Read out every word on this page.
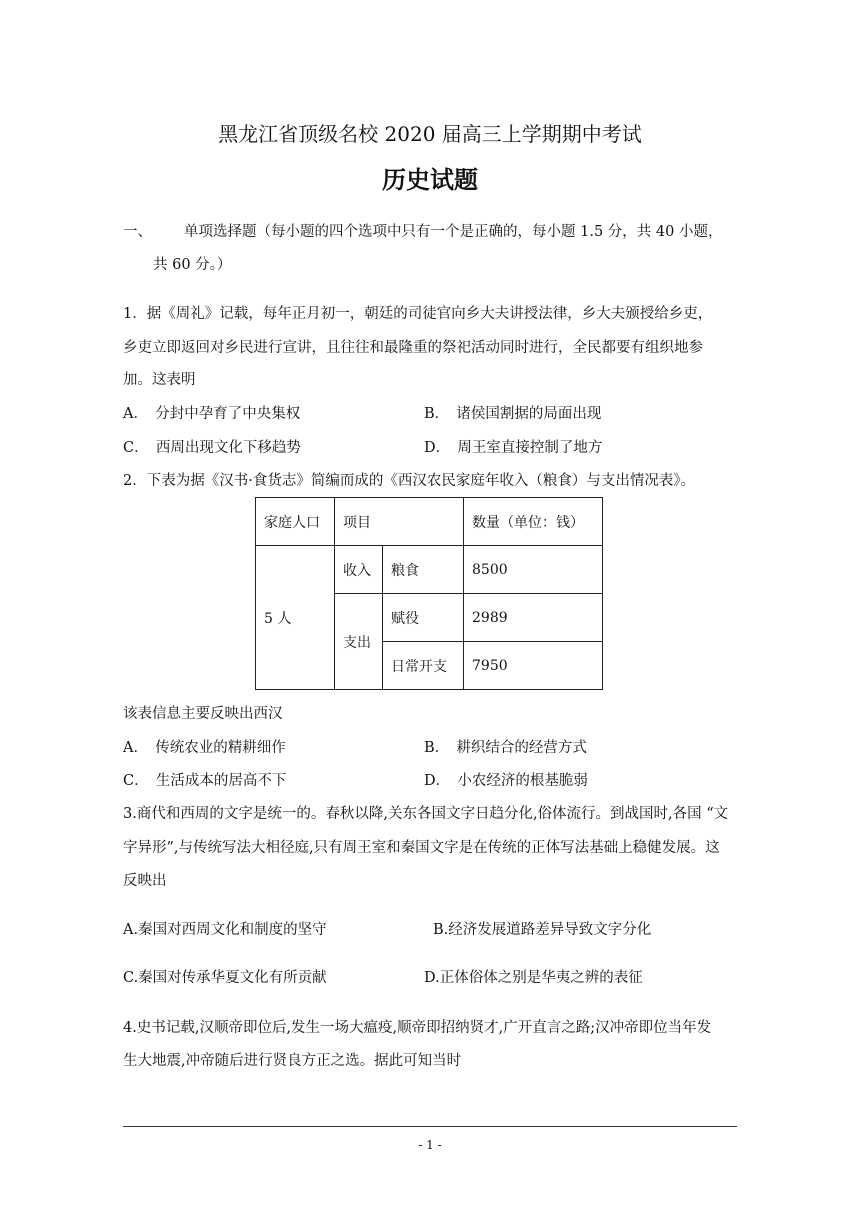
黑龙江省顶级名校 2020 届高三上学期期中考试
历史试题
一、 单项选择题（每小题的四个选项中只有一个是正确的，每小题 1.5 分，共 40 小题，
共 60 分。）
1．据《周礼》记载，每年正月初一，朝廷的司徒官向乡大夫讲授法律，乡大夫颁授给乡吏，
乡吏立即返回对乡民进行宣讲，且往往和最隆重的祭祀活动同时进行，全民都要有组织地参
加。这表明
A．　分封中孕育了中央集权	B．　诸侯国割据的局面出现
C．　西周出现文化下移趋势	D．　周王室直接控制了地方
2．下表为据《汉书·食货志》简编而成的《西汉农民家庭年收入（粮食）与支出情况表》。
家庭人口	项目		数量（单位：钱）
5 人	收入	粮食	8500
	支出	赋役	2989
		日常开支	7950
该表信息主要反映出西汉
A．　传统农业的精耕细作	B．　耕织结合的经营方式
C．　生活成本的居高不下	D．　小农经济的根基脆弱
3.商代和西周的文字是统一的。春秋以降,关东各国文字日趋分化,俗体流行。到战国时,各国 “文
字异形”,与传统写法大相径庭,只有周王室和秦国文字是在传统的正体写法基础上稳健发展。这
反映出
A.秦国对西周文化和制度的坚守	B.经济发展道路差异导致文字分化
C.秦国对传承华夏文化有所贡献	D.正体俗体之别是华夷之辨的表征
4.史书记载,汉顺帝即位后,发生一场大瘟疫,顺帝即招纳贤才,广开直言之路;汉冲帝即位当年发
生大地震,冲帝随后进行贤良方正之选。据此可知当时
- 1 -
